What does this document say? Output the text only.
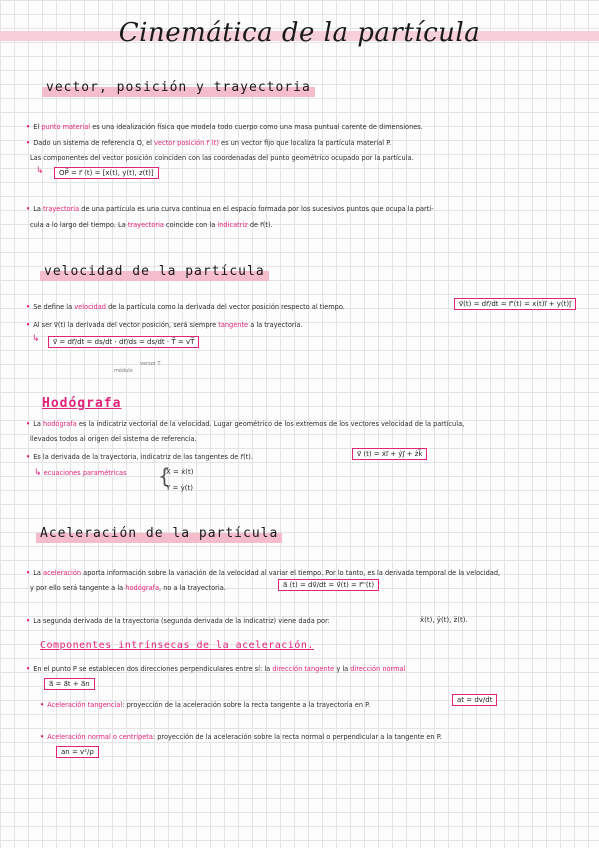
Cinemática de la partícula
vector, posición y trayectoria
• El punto material es una idealización física que modela todo cuerpo como una masa puntual carente de dimensiones.
• Dado un sistema de referencia O, el vector posición r⃗ (t) es un vector fijo que localiza la partícula material P.
Las componentes del vector posición coinciden con las coordenadas del punto geométrico ocupado por la partícula.
↳	OP⃗ = r⃗ (t) = [x(t), y(t), z(t)]
• La trayectoria de una partícula es una curva continua en el espacio formada por los sucesivos puntos que ocupa la partí-
cula a lo largo del tiempo. La trayectoria coincide con la indicatriz de r⃗(t).
velocidad de la partícula
• Se define la velocidad de la partícula como la derivada del vector posición respecto al tiempo.	v⃗(t) = dr⃗/dt = r⃗'(t) = x(t)i⃗ + y(t)j⃗
• Al ser v⃗(t) la derivada del vector posición, será siempre tangente a la trayectoria.
↳	v⃗ = dr⃗/dt = ds/dt · dr⃗/ds = ds/dt · T⃗ = vT⃗
módulo
versor T
Hodógrafa
• La hodógrafa es la indicatriz vectorial de la velocidad. Lugar geométrico de los extremos de los vectores velocidad de la partícula,
llevados todos al origen del sistema de referencia.
• Es la derivada de la trayectoria, indicatriz de las tangentes de r⃗(t).	v⃗ (t) = ẋi⃗ + ẏj⃗ + żk⃗
↳ ecuaciones paramétricas {
X = ẋ(t)
Y = ẏ(t)
Aceleración de la partícula
• La aceleración aporta información sobre la variación de la velocidad al variar el tiempo. Por lo tanto, es la derivada temporal de la velocidad,
y por ello será tangente a la hodógrafa, no a la trayectoria.	a⃗ (t) = dv⃗/dt = v⃗(t) = r⃗''(t)
• La segunda derivada de la trayectoria (segunda derivada de la indicatriz) viene dada por:	ẍ(t), ÿ(t), z̈(t).
Componentes intrínsecas de la aceleración.
• En el punto P se establecen dos direcciones perpendiculares entre sí: la dirección tangente y la dirección normal
a⃗ = a⃗t + a⃗n
• Aceleración tangencial: proyección de la aceleración sobre la recta tangente a la trayectoria en P.
at = dv/dt
• Aceleración normal o centrípeta: proyección de la aceleración sobre la recta normal o perpendicular a la tangente en P.
an = v²/ρ
